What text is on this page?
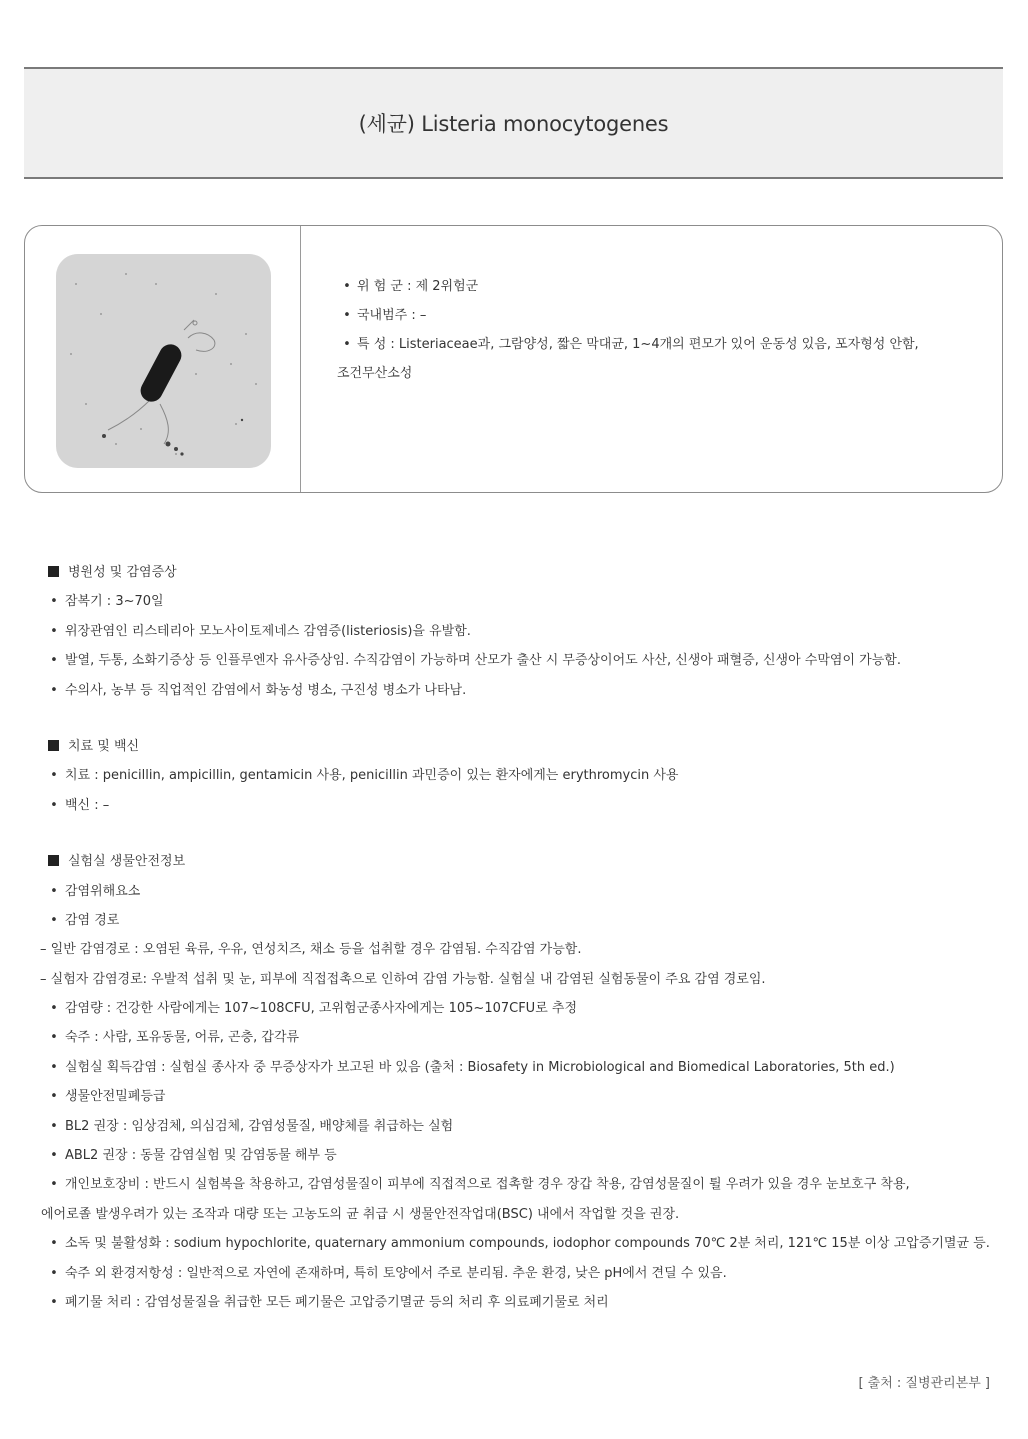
(세균) Listeria monocytogenes
• 위 험 군 : 제 2위험군
• 국내범주 : –
• 특 성 : Listeriaceae과, 그람양성, 짧은 막대균, 1~4개의 편모가 있어 운동성 있음, 포자형성 안함,
조건무산소성
병원성 및 감염증상
• 잠복기 : 3~70일
• 위장관염인 리스테리아 모노사이토제네스 감염증(listeriosis)을 유발함.
• 발열, 두통, 소화기증상 등 인플루엔자 유사증상임. 수직감염이 가능하며 산모가 출산 시 무증상이어도 사산, 신생아 패혈증, 신생아 수막염이 가능함.
• 수의사, 농부 등 직업적인 감염에서 화농성 병소, 구진성 병소가 나타남.
치료 및 백신
• 치료 : penicillin, ampicillin, gentamicin 사용, penicillin 과민증이 있는 환자에게는 erythromycin 사용
• 백신 : –
실험실 생물안전정보
• 감염위해요소
• 감염 경로
– 일반 감염경로 : 오염된 육류, 우유, 연성치즈, 채소 등을 섭취할 경우 감염됨. 수직감염 가능함.
– 실험자 감염경로: 우발적 섭취 및 눈, 피부에 직접접촉으로 인하여 감염 가능함. 실험실 내 감염된 실험동물이 주요 감염 경로임.
• 감염량 : 건강한 사람에게는 107~108CFU, 고위험군종사자에게는 105~107CFU로 추정
• 숙주 : 사람, 포유동물, 어류, 곤충, 갑각류
• 실험실 획득감염 : 실험실 종사자 중 무증상자가 보고된 바 있음 (출처 : Biosafety in Microbiological and Biomedical Laboratories, 5th ed.)
• 생물안전밀폐등급
• BL2 권장 : 임상검체, 의심검체, 감염성물질, 배양체를 취급하는 실험
• ABL2 권장 : 동물 감염실험 및 감염동물 해부 등
• 개인보호장비 : 반드시 실험복을 착용하고, 감염성물질이 피부에 직접적으로 접촉할 경우 장갑 착용, 감염성물질이 튈 우려가 있을 경우 눈보호구 착용,
에어로졸 발생우려가 있는 조작과 대량 또는 고농도의 균 취급 시 생물안전작업대(BSC) 내에서 작업할 것을 권장.
• 소독 및 불활성화 : sodium hypochlorite, quaternary ammonium compounds, iodophor compounds 70℃ 2분 처리, 121℃ 15분 이상 고압증기멸균 등.
• 숙주 외 환경저항성 : 일반적으로 자연에 존재하며, 특히 토양에서 주로 분리됨. 추운 환경, 낮은 pH에서 견딜 수 있음.
• 폐기물 처리 : 감염성물질을 취급한 모든 폐기물은 고압증기멸균 등의 처리 후 의료폐기물로 처리
[ 출처 : 질병관리본부 ]
